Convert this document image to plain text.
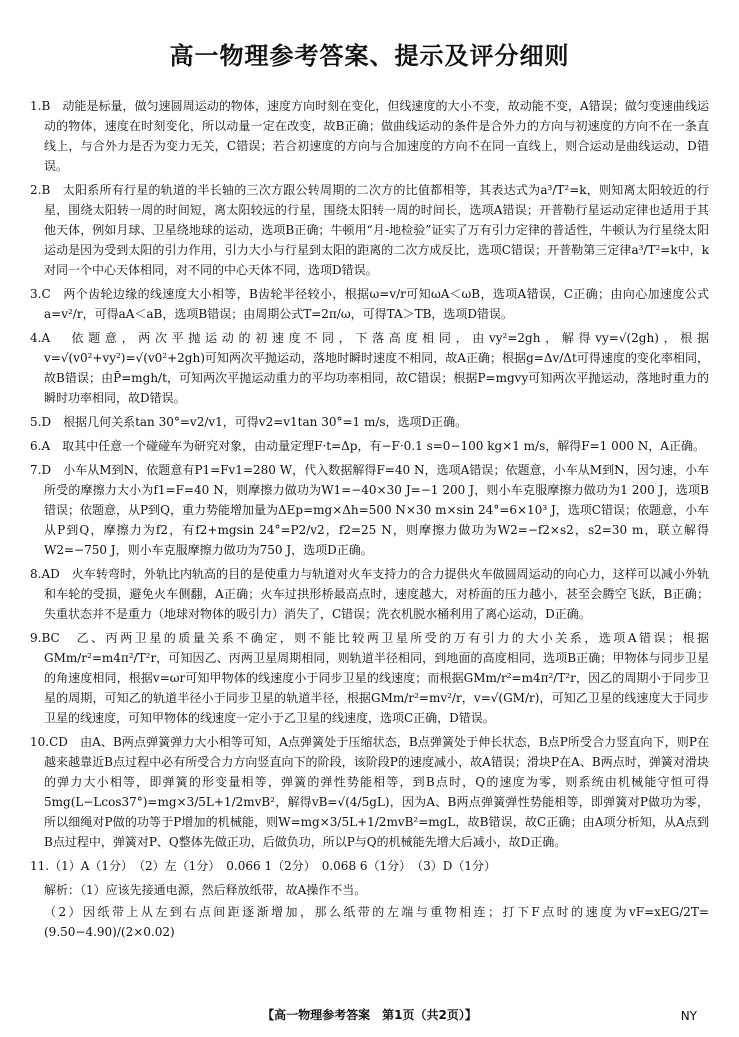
高一物理参考答案、提示及评分细则

1.B　动能是标量，做匀速圆周运动的物体，速度方向时刻在变化，但线速度的大小不变，故动能不变，A错误；做匀变速曲线运动的物体，速度在时刻变化，所以动量一定在改变，故B正确；做曲线运动的条件是合外力的方向与初速度的方向不在一条直线上，与合外力是否为变力无关，C错误；若合初速度的方向与合加速度的方向不在同一直线上，则合运动是曲线运动，D错误。

2.B　太阳系所有行星的轨道的半长轴的三次方跟公转周期的二次方的比值都相等，其表达式为a³/T²=k，则知离太阳较近的行星，围绕太阳转一周的时间短，离太阳较远的行星，围绕太阳转一周的时间长，选项A错误；开普勒行星运动定律也适用于其他天体，例如月球、卫星绕地球的运动，选项B正确；牛顿用“月-地检验”证实了万有引力定律的普适性，牛顿认为行星绕太阳运动是因为受到太阳的引力作用，引力大小与行星到太阳的距离的二次方成反比，选项C错误；开普勒第三定律a³/T²=k中，k对同一个中心天体相同，对不同的中心天体不同，选项D错误。

3.C　两个齿轮边缘的线速度大小相等，B齿轮半径较小，根据ω=v/r可知ωA＜ωB，选项A错误，C正确；由向心加速度公式a=v²/r，可得aA＜aB，选项B错误；由周期公式T=2π/ω，可得TA＞TB，选项D错误。

4.A　依题意，两次平抛运动的初速度不同，下落高度相同，由vy²=2gh，解得vy=√(2gh)，根据v=√(v0²+vy²)=√(v0²+2gh)可知两次平抛运动，落地时瞬时速度不相同，故A正确；根据g=Δv/Δt可得速度的变化率相同，故B错误；由P̄=mgh/t，可知两次平抛运动重力的平均功率相同，故C错误；根据P=mgvy可知两次平抛运动，落地时重力的瞬时功率相同，故D错误。

5.D　根据几何关系tan 30°=v2/v1，可得v2=v1tan 30°=1 m/s，选项D正确。

6.A　取其中任意一个碰碰车为研究对象，由动量定理F·t=Δp，有−F·0.1 s=0−100 kg×1 m/s，解得F=1 000 N，A正确。

7.D　小车从M到N，依题意有P1=Fv1=280 W，代入数据解得F=40 N，选项A错误；依题意，小车从M到N，因匀速，小车所受的摩擦力大小为f1=F=40 N，则摩擦力做功为W1=−40×30 J=−1 200 J，则小车克服摩擦力做功为1 200 J，选项B错误；依题意，从P到Q，重力势能增加量为ΔEp=mg×Δh=500 N×30 m×sin 24°=6×10³ J，选项C错误；依题意，小车从P到Q，摩擦力为f2，有f2+mgsin 24°=P2/v2，f2=25 N，则摩擦力做功为W2=−f2×s2，s2=30 m，联立解得W2=−750 J，则小车克服摩擦力做功为750 J，选项D正确。

8.AD　火车转弯时，外轨比内轨高的目的是使重力与轨道对火车支持力的合力提供火车做圆周运动的向心力，这样可以减小外轨和车轮的受损，避免火车侧翻，A正确；火车过拱形桥最高点时，速度越大，对桥面的压力越小，甚至会腾空飞跃，B正确；失重状态并不是重力（地球对物体的吸引力）消失了，C错误；洗衣机脱水桶利用了离心运动，D正确。

9.BC　乙、丙两卫星的质量关系不确定，则不能比较两卫星所受的万有引力的大小关系，选项A错误；根据GMm/r²=m4π²/T²r，可知因乙、丙两卫星周期相同，则轨道半径相同，到地面的高度相同，选项B正确；甲物体与同步卫星的角速度相同，根据v=ωr可知甲物体的线速度小于同步卫星的线速度；而根据GMm/r²=m4π²/T²r，因乙的周期小于同步卫星的周期，可知乙的轨道半径小于同步卫星的轨道半径，根据GMm/r²=mv²/r，v=√(GM/r)，可知乙卫星的线速度大于同步卫星的线速度，可知甲物体的线速度一定小于乙卫星的线速度，选项C正确，D错误。

10.CD　由A、B两点弹簧弹力大小相等可知，A点弹簧处于压缩状态，B点弹簧处于伸长状态，B点P所受合力竖直向下，则P在越来越靠近B点过程中必有所受合力方向竖直向下的阶段，该阶段P的速度减小，故A错误；滑块P在A、B两点时，弹簧对滑块的弹力大小相等，即弹簧的形变量相等，弹簧的弹性势能相等，到B点时，Q的速度为零，则系统由机械能守恒可得5mg(L−Lcos37°)=mg×3/5L+1/2mvB²，解得vB=√(4/5gL)，因为A、B两点弹簧弹性势能相等，即弹簧对P做功为零，所以细绳对P做的功等于P增加的机械能，则W=mg×3/5L+1/2mvB²=mgL，故B错误，故C正确；由A项分析知，从A点到B点过程中，弹簧对P、Q整体先做正功，后做负功，所以P与Q的机械能先增大后减小，故D正确。

11.（1）A（1分）　（2）左（1分）　0.066 1（2分）　0.068 6（1分）　（3）D（1分）

解析：（1）应该先接通电源，然后释放纸带，故A操作不当。

（2）因纸带上从左到右点间距逐渐增加，那么纸带的左端与重物相连；打下F点时的速度为vF=xEG/2T=(9.50−4.90)/(2×0.02)

【高一物理参考答案　第1页（共2页）】	NY
